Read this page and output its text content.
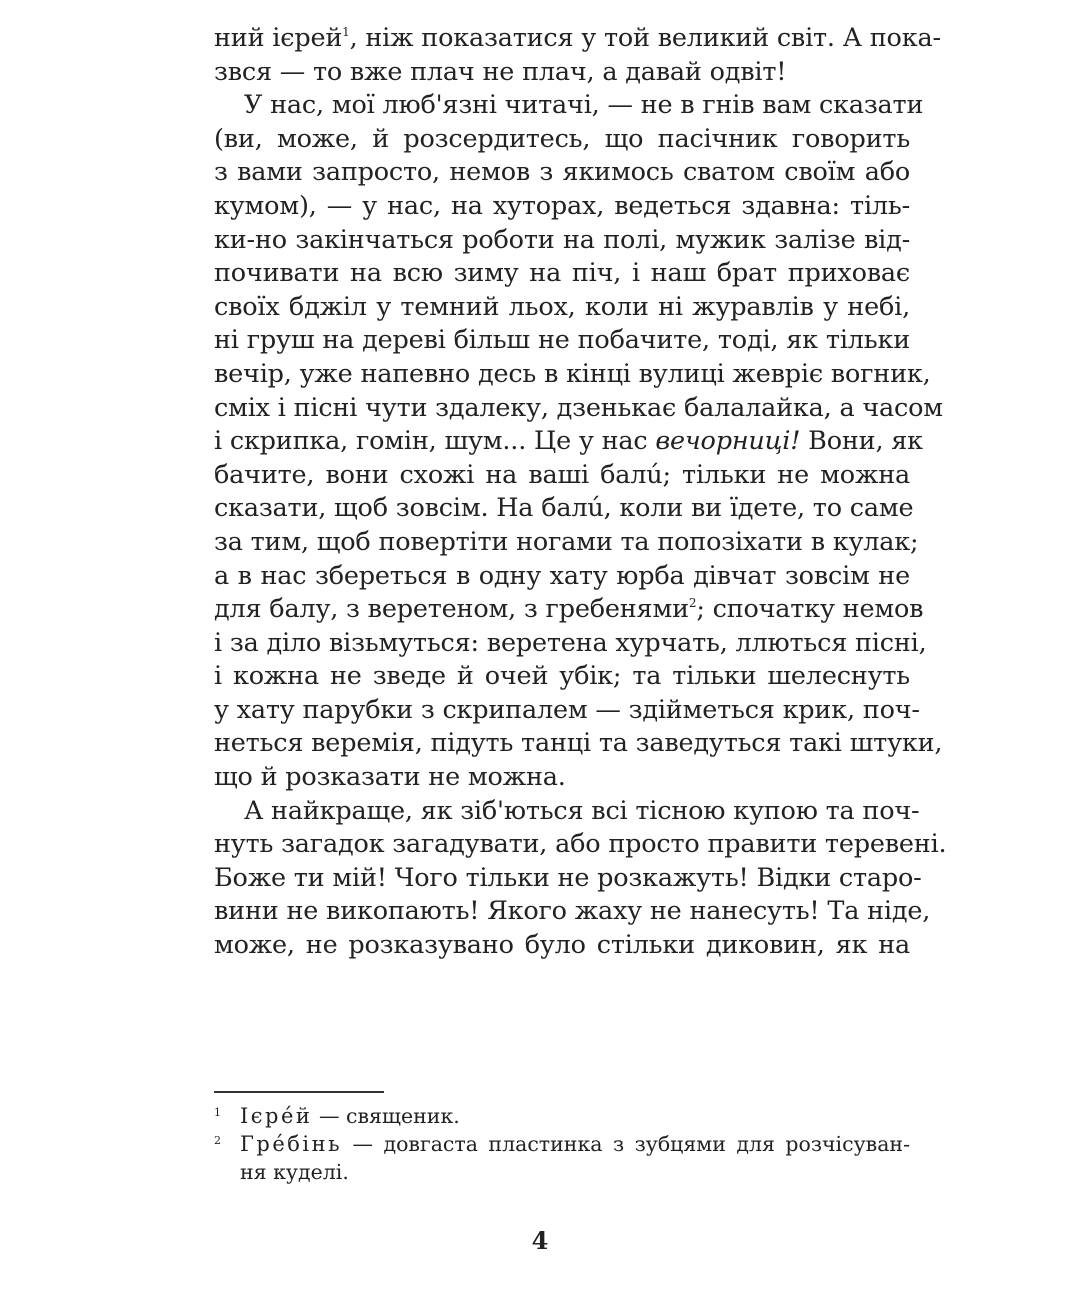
ний ієрей$^1$, ніж показатися у той великий світ. А пока-
звся — то вже плач не плач, а давай одвіт!
У нас, мої люб'язні читачі, — не в гнів вам сказати
(ви, може, й розсердитесь, що пасічник говорить
з вами запросто, немов з якимось сватом своїм або
кумом), — у нас, на хуторах, ведеться здавна: тіль-
ки-но закінчаться роботи на полі, мужик залізе від-
почивати на всю зиму на піч, і наш брат приховає
своїх бджіл у темний льох, коли ні журавлів у небі,
ні груш на дереві більш не побачите, тоді, як тільки
вечір, уже напевно десь в кінці вулиці жевріє вогник,
сміх і пісні чути здалеку, дзенькає балалайка, а часом
і скрипка, гомін, шум... Це у нас вечорниці! Вони, як
бачите, вони схожі на ваші балú; тільки не можна
сказати, щоб зовсім. На балú, коли ви їдете, то саме
за тим, щоб повертіти ногами та попозіхати в кулак;
а в нас збереться в одну хату юрба дівчат зовсім не
для балу, з веретеном, з гребенями$^2$; спочатку немов
і за діло візьмуться: веретена хурчать, ллються пісні,
і кожна не зведе й очей убік; та тільки шелеснуть
у хату парубки з скрипалем — здійметься крик, поч-
неться веремія, підуть танці та заведуться такі штуки,
що й розказати не можна.
А найкраще, як зіб'ються всі тісною купою та поч-
нуть загадок загадувати, або просто правити теревені.
Боже ти мій! Чого тільки не розкажуть! Відки старо-
вини не викопають! Якого жаху не нанесуть! Та ніде,
може, не розказувано було стільки диковин, як на
1 Ієрéй — священик.
2 Грéбінь — довгаста пластинка з зубцями для розчісуван-
ня куделі.
4
